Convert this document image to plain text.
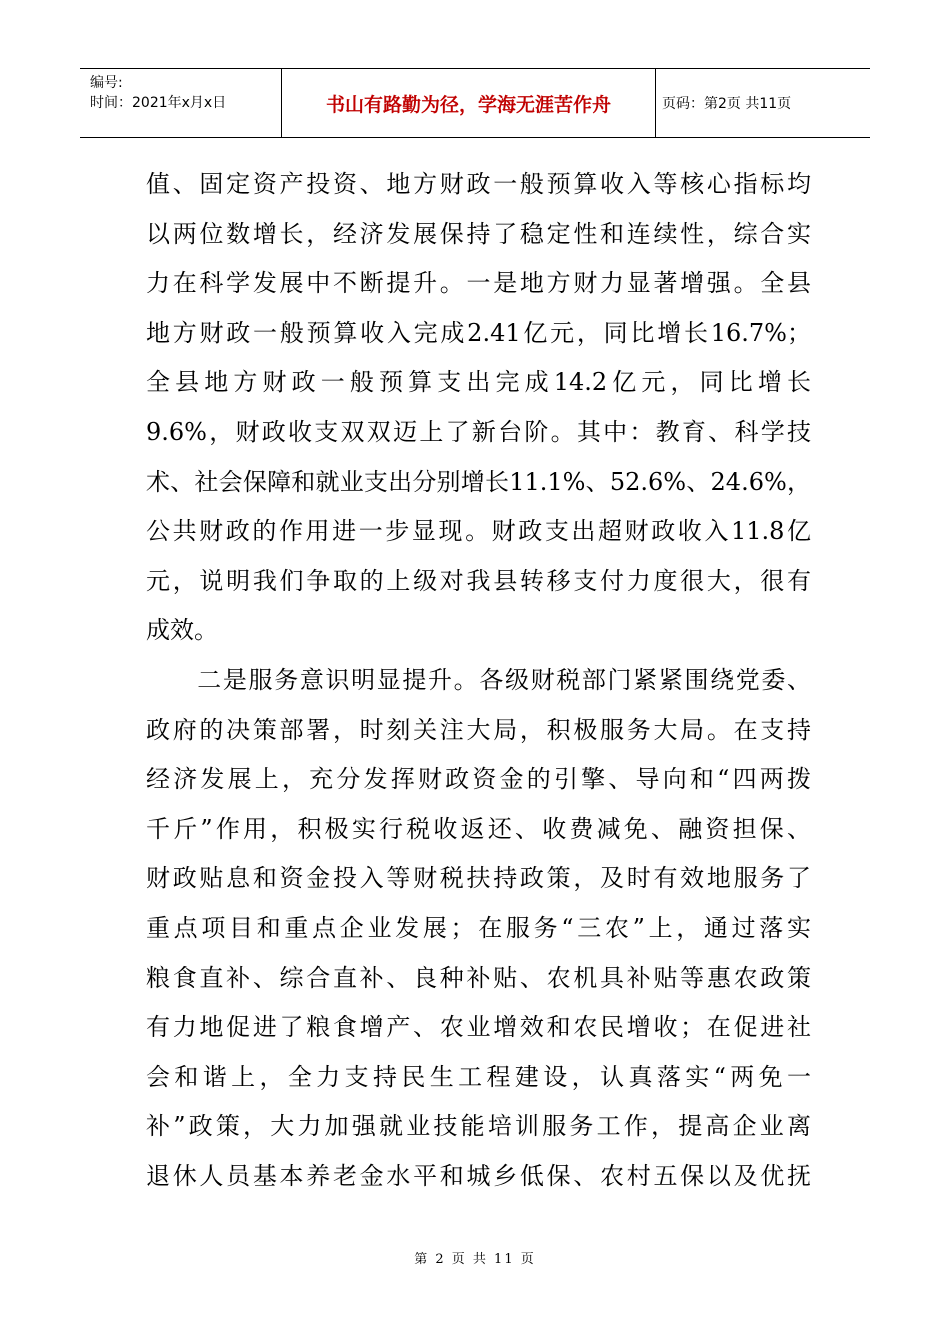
编号:
时间：2021年x月x日	书山有路勤为径，学海无涯苦作舟	页码：第2页 共11页
值、固定资产投资、地方财政一般预算收入等核心指标均
以两位数增长，经济发展保持了稳定性和连续性，综合实
力在科学发展中不断提升。一是地方财力显著增强。全县
地方财政一般预算收入完成2.41亿元，同比增长16.7%；
全县地方财政一般预算支出完成14.2亿元，同比增长
9.6%，财政收支双双迈上了新台阶。其中：教育、科学技
术、社会保障和就业支出分别增长11.1%、52.6%、24.6%，
公共财政的作用进一步显现。财政支出超财政收入11.8亿
元，说明我们争取的上级对我县转移支付力度很大，很有
成效。
　　二是服务意识明显提升。各级财税部门紧紧围绕党委、
政府的决策部署，时刻关注大局，积极服务大局。在支持
经济发展上，充分发挥财政资金的引擎、导向和“四两拨
千斤”作用，积极实行税收返还、收费减免、融资担保、
财政贴息和资金投入等财税扶持政策，及时有效地服务了
重点项目和重点企业发展；在服务“三农”上，通过落实
粮食直补、综合直补、良种补贴、农机具补贴等惠农政策
有力地促进了粮食增产、农业增效和农民增收；在促进社
会和谐上，全力支持民生工程建设，认真落实“两免一
补”政策，大力加强就业技能培训服务工作，提高企业离
退休人员基本养老金水平和城乡低保、农村五保以及优抚
第 2 页 共 11 页
